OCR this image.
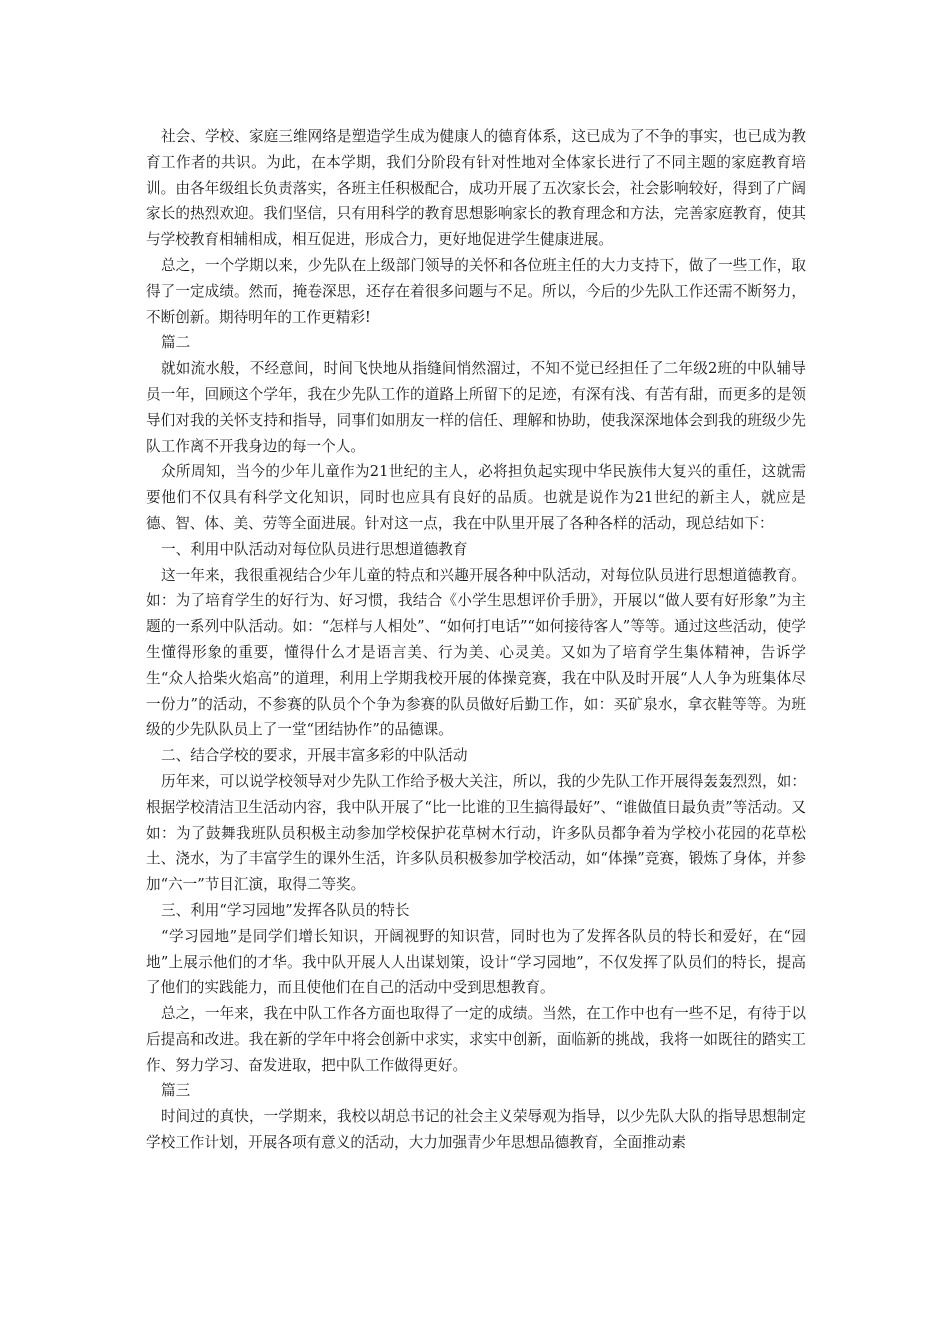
社会、学校、家庭三维网络是塑造学生成为健康人的德育体系，这已成为了不争的事实，也已成为教育工作者的共识。为此，在本学期，我们分阶段有针对性地对全体家长进行了不同主题的家庭教育培训。由各年级组长负责落实，各班主任积极配合，成功开展了五次家长会，社会影响较好，得到了广阔家长的热烈欢迎。我们坚信，只有用科学的教育思想影响家长的教育理念和方法，完善家庭教育，使其与学校教育相辅相成，相互促进，形成合力，更好地促进学生健康进展。

总之，一个学期以来，少先队在上级部门领导的关怀和各位班主任的大力支持下，做了一些工作，取得了一定成绩。然而，掩卷深思，还存在着很多问题与不足。所以，今后的少先队工作还需不断努力，不断创新。期待明年的工作更精彩!

篇二

就如流水般，不经意间，时间飞快地从指缝间悄然溜过，不知不觉已经担任了二年级2班的中队辅导员一年，回顾这个学年，我在少先队工作的道路上所留下的足迹，有深有浅、有苦有甜，而更多的是领导们对我的关怀支持和指导，同事们如朋友一样的信任、理解和协助，使我深深地体会到我的班级少先队工作离不开我身边的每一个人。

众所周知，当今的少年儿童作为21世纪的主人，必将担负起实现中华民族伟大复兴的重任，这就需要他们不仅具有科学文化知识，同时也应具有良好的品质。也就是说作为21世纪的新主人，就应是德、智、体、美、劳等全面进展。针对这一点，我在中队里开展了各种各样的活动，现总结如下：

一、利用中队活动对每位队员进行思想道德教育

这一年来，我很重视结合少年儿童的特点和兴趣开展各种中队活动，对每位队员进行思想道德教育。如：为了培育学生的好行为、好习惯，我结合《小学生思想评价手册》，开展以“做人要有好形象”为主题的一系列中队活动。如：“怎样与人相处”、“如何打电话”“如何接待客人”等等。通过这些活动，使学生懂得形象的重要，懂得什么才是语言美、行为美、心灵美。又如为了培育学生集体精神，告诉学生“众人拾柴火焰高”的道理，利用上学期我校开展的体操竞赛，我在中队及时开展“人人争为班集体尽一份力”的活动，不参赛的队员个个争为参赛的队员做好后勤工作，如：买矿泉水，拿衣鞋等等。为班级的少先队队员上了一堂“团结协作”的品德课。

二、结合学校的要求，开展丰富多彩的中队活动

历年来，可以说学校领导对少先队工作给予极大关注，所以，我的少先队工作开展得轰轰烈烈，如：根据学校清洁卫生活动内容，我中队开展了“比一比谁的卫生搞得最好”、“谁做值日最负责”等活动。又如：为了鼓舞我班队员积极主动参加学校保护花草树木行动，许多队员都争着为学校小花园的花草松土、浇水，为了丰富学生的课外生活，许多队员积极参加学校活动，如“体操”竞赛，锻炼了身体，并参加“六一”节目汇演，取得二等奖。

三、利用“学习园地”发挥各队员的特长

“学习园地”是同学们增长知识，开阔视野的知识营，同时也为了发挥各队员的特长和爱好，在“园地”上展示他们的才华。我中队开展人人出谋划策，设计“学习园地”，不仅发挥了队员们的特长，提高了他们的实践能力，而且使他们在自己的活动中受到思想教育。

总之，一年来，我在中队工作各方面也取得了一定的成绩。当然，在工作中也有一些不足，有待于以后提高和改进。我在新的学年中将会创新中求实，求实中创新，面临新的挑战，我将一如既往的踏实工作、努力学习、奋发进取，把中队工作做得更好。

篇三

时间过的真快，一学期来，我校以胡总书记的社会主义荣辱观为指导，以少先队大队的指导思想制定学校工作计划，开展各项有意义的活动，大力加强青少年思想品德教育，全面推动素
